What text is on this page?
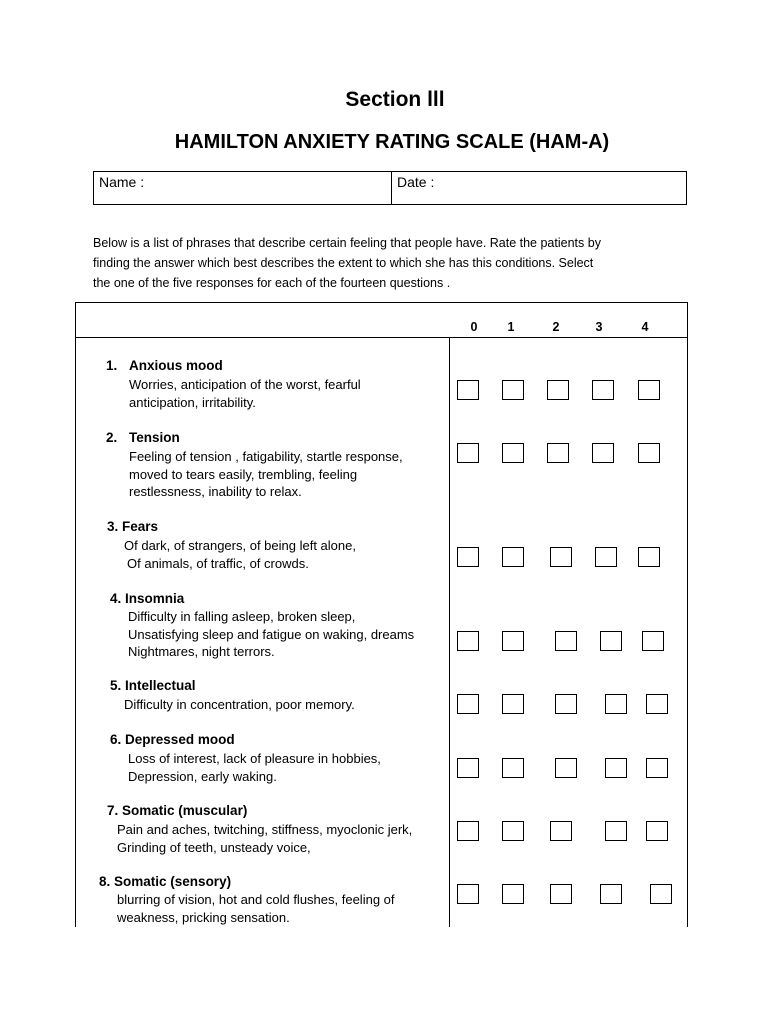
Section lll
HAMILTON ANXIETY RATING SCALE (HAM-A)
Name :	Date :
Below is a list of phrases that describe certain feeling that people have. Rate the patients by
finding the answer which best describes the extent to which she has this conditions. Select
the one of the five responses for each of the fourteen questions .
0	1	2	3	4
1. Anxious mood
Worries, anticipation of the worst, fearful
anticipation, irritability.
2. Tension
Feeling of tension , fatigability, startle response,
moved to tears easily, trembling, feeling
restlessness, inability to relax.
3. Fears
Of dark, of strangers, of being left alone,
Of animals, of traffic, of crowds.
4. Insomnia
Difficulty in falling asleep, broken sleep,
Unsatisfying sleep and fatigue on waking, dreams
Nightmares, night terrors.
5. Intellectual
Difficulty in concentration, poor memory.
6. Depressed mood
Loss of interest, lack of pleasure in hobbies,
Depression, early waking.
7. Somatic (muscular)
Pain and aches, twitching, stiffness, myoclonic jerk,
Grinding of teeth, unsteady voice,
8. Somatic (sensory)
blurring of vision, hot and cold flushes, feeling of
weakness, pricking sensation.
